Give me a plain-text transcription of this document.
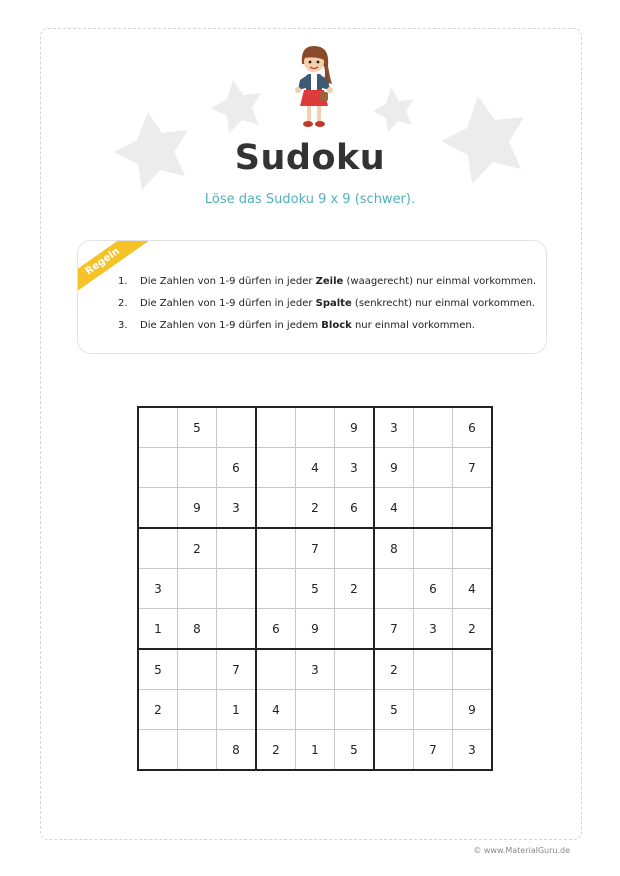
Sudoku
Löse das Sudoku 9 x 9 (schwer).
Regeln
1. Die Zahlen von 1-9 dürfen in jeder Zeile (waagerecht) nur einmal vorkommen.
2. Die Zahlen von 1-9 dürfen in jeder Spalte (senkrecht) nur einmal vorkommen.
3. Die Zahlen von 1-9 dürfen in jedem Block nur einmal vorkommen.
	5				9	3		6
		6		4	3	9		7
	9	3		2	6	4		
	2			7		8		
3				5	2		6	4
1	8		6	9		7	3	2
5		7		3		2		
2		1	4			5		9
		8	2	1	5		7	3
© www.MaterialGuru.de
